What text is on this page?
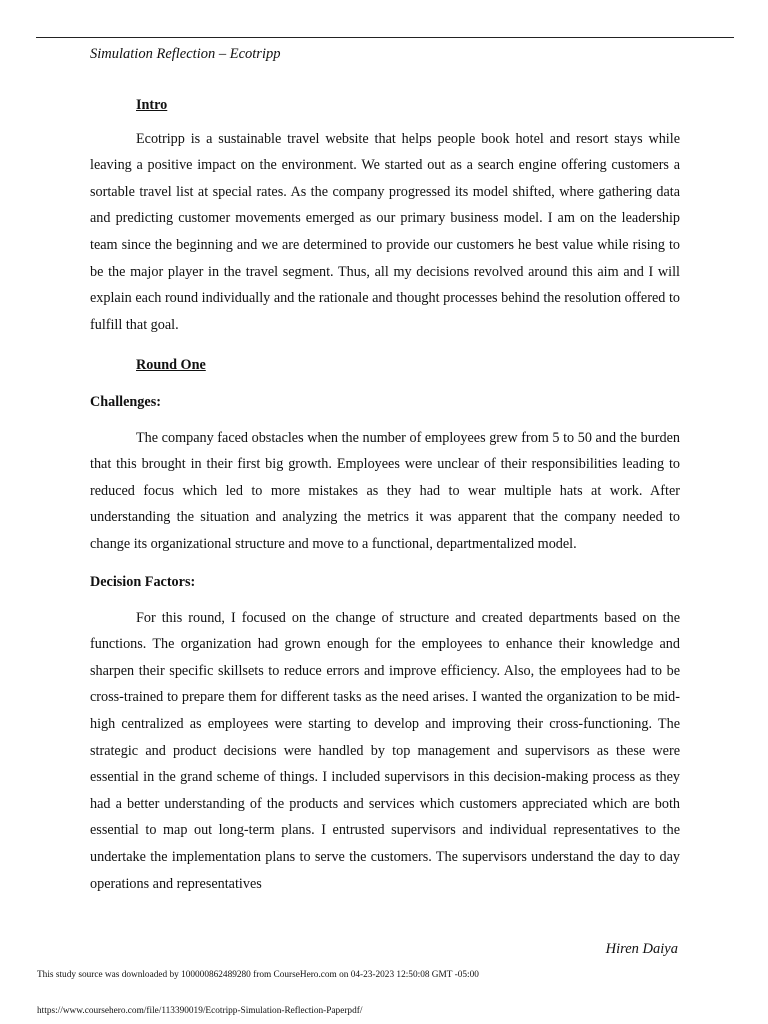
Simulation Reflection – Ecotripp
Intro

Ecotripp is a sustainable travel website that helps people book hotel and resort stays while leaving a positive impact on the environment. We started out as a search engine offering customers a sortable travel list at special rates. As the company progressed its model shifted, where gathering data and predicting customer movements emerged as our primary business model. I am on the leadership team since the beginning and we are determined to provide our customers he best value while rising to be the major player in the travel segment. Thus, all my decisions revolved around this aim and I will explain each round individually and the rationale and thought processes behind the resolution offered to fulfill that goal.

Round One
Challenges:

The company faced obstacles when the number of employees grew from 5 to 50 and the burden that this brought in their first big growth. Employees were unclear of their responsibilities leading to reduced focus which led to more mistakes as they had to wear multiple hats at work. After understanding the situation and analyzing the metrics it was apparent that the company needed to change its organizational structure and move to a functional, departmentalized model.

Decision Factors:

For this round, I focused on the change of structure and created departments based on the functions. The organization had grown enough for the employees to enhance their knowledge and sharpen their specific skillsets to reduce errors and improve efficiency. Also, the employees had to be cross-trained to prepare them for different tasks as the need arises. I wanted the organization to be mid-high centralized as employees were starting to develop and improving their cross-functioning. The strategic and product decisions were handled by top management and supervisors as these were essential in the grand scheme of things. I included supervisors in this decision-making process as they had a better understanding of the products and services which customers appreciated which are both essential to map out long-term plans. I entrusted supervisors and individual representatives to the undertake the implementation plans to serve the customers. The supervisors understand the day to day operations and representatives

Hiren Daiya
This study source was downloaded by 100000862489280 from CourseHero.com on 04-23-2023 12:50:08 GMT -05:00
https://www.coursehero.com/file/113390019/Ecotripp-Simulation-Reflection-Paperpdf/
